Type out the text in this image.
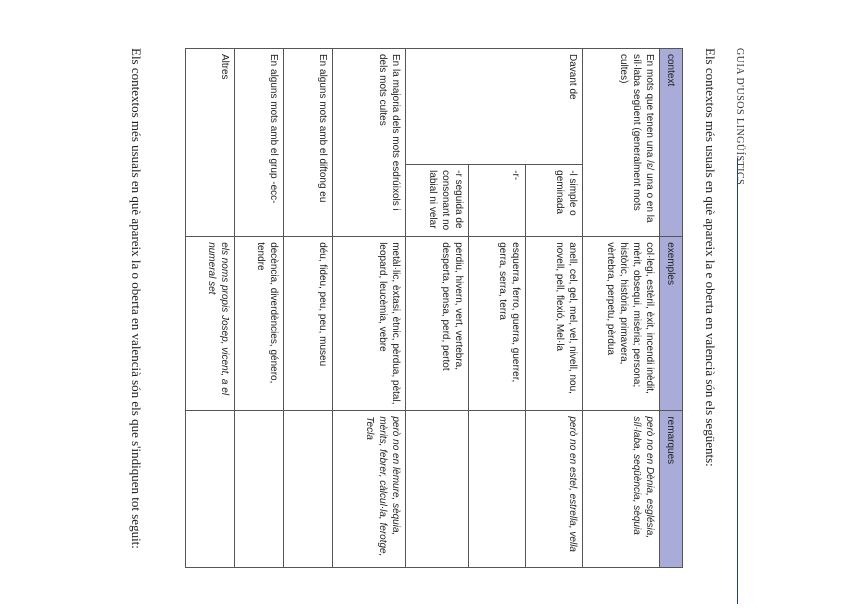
GUIA D'USOS LINGÜÍSTICS
Els contextos més usuals en què apareix la e oberta en valencià són els següents:
context		exemples	remarques
En mots que tenen una /ɛ/ una o en la síl·laba següent (generalment mots cultes)		col·legi, estèril, èxit, incendi inèdit, mèrit, obsequi, misèria; persona; històric, història, primavera, vèrtebra, perpetu, pèrdua	però no en Dènia, església, síl·laba, seqüència, sèquia
Davant de	-l simple o geminada	anell, cel, gel, mel, vel, nivell, nou, novell, pell, flexió, Mel·la	però no en estel, estrella, vella
	-r-	esquerra, ferro, guerra, guerrer, gerra, serra, terra	
	-r seguida de consonant no labial ni velar	perdiu, hivern, vert, vertebra, desperta, pensa, perd, pertot	
En la majoria dels mots esdrúixols i dels mots cultes		metàl·lic, èxtasi, ètnic, pèrdua, pètal, leopard, leucèmia, vebre	però no en lèmure, sèquia, mèrits, febrer, càlcul·la, ferotge, Tecla
En alguns mots amb el diftong eu		déu, fideu, peu, peu, museu	
En alguns mots amb el grup -ecc-		decència, diverdències, género, tendre	
Altres		els noms propis Josep, vicent, a el numeral set	
Els contextos més usuals en què apareix la o oberta en valencià són els que s'indiquen tot seguit:
